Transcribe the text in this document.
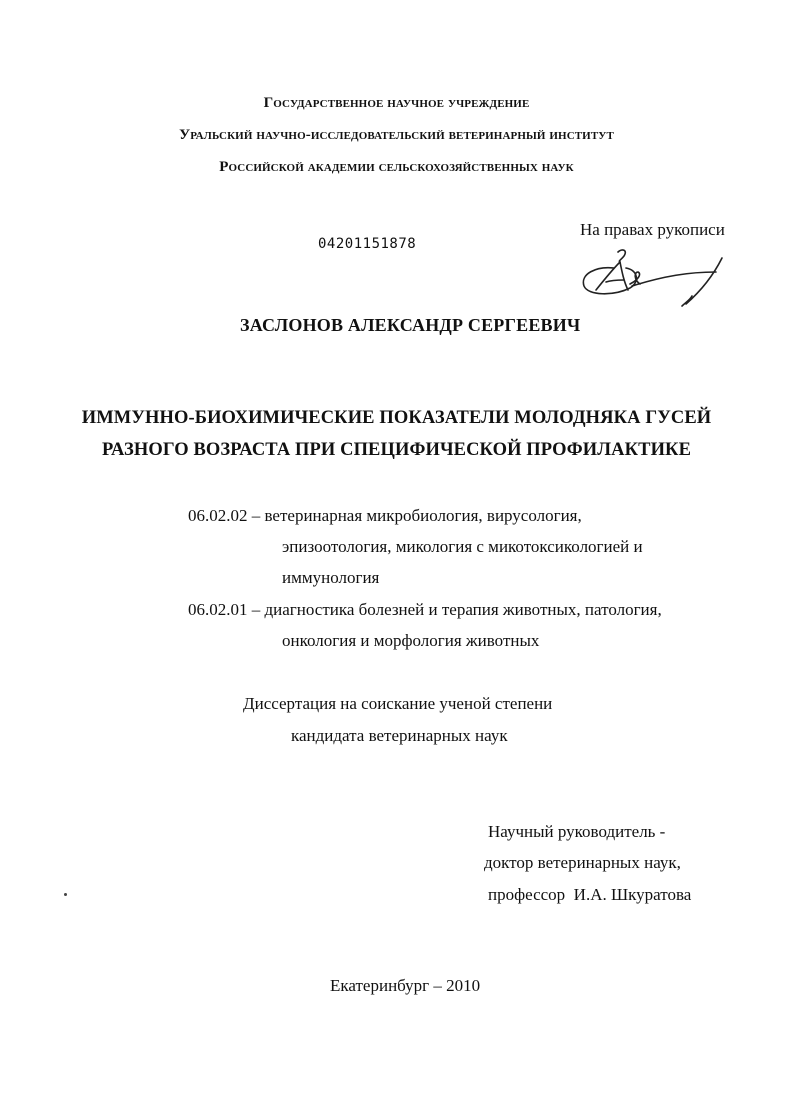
Государственное научное учреждение
Уральский научно-исследовательский ветеринарный институт
Российской академии сельскохозяйственных наук
04201151878
На правах рукописи
ЗАСЛОНОВ АЛЕКСАНДР СЕРГЕЕВИЧ
ИММУННО-БИОХИМИЧЕСКИЕ ПОКАЗАТЕЛИ МОЛОДНЯКА ГУСЕЙ
РАЗНОГО ВОЗРАСТА ПРИ СПЕЦИФИЧЕСКОЙ ПРОФИЛАКТИКЕ
06.02.02 – ветеринарная микробиология, вирусология,
эпизоотология, микология с микотоксикологией и
иммунология
06.02.01 – диагностика болезней и терапия животных, патология,
онкология и морфология животных
Диссертация на соискание ученой степени
кандидата ветеринарных наук
Научный руководитель -
доктор ветеринарных наук,
профессор  И.А. Шкуратова
Екатеринбург – 2010
